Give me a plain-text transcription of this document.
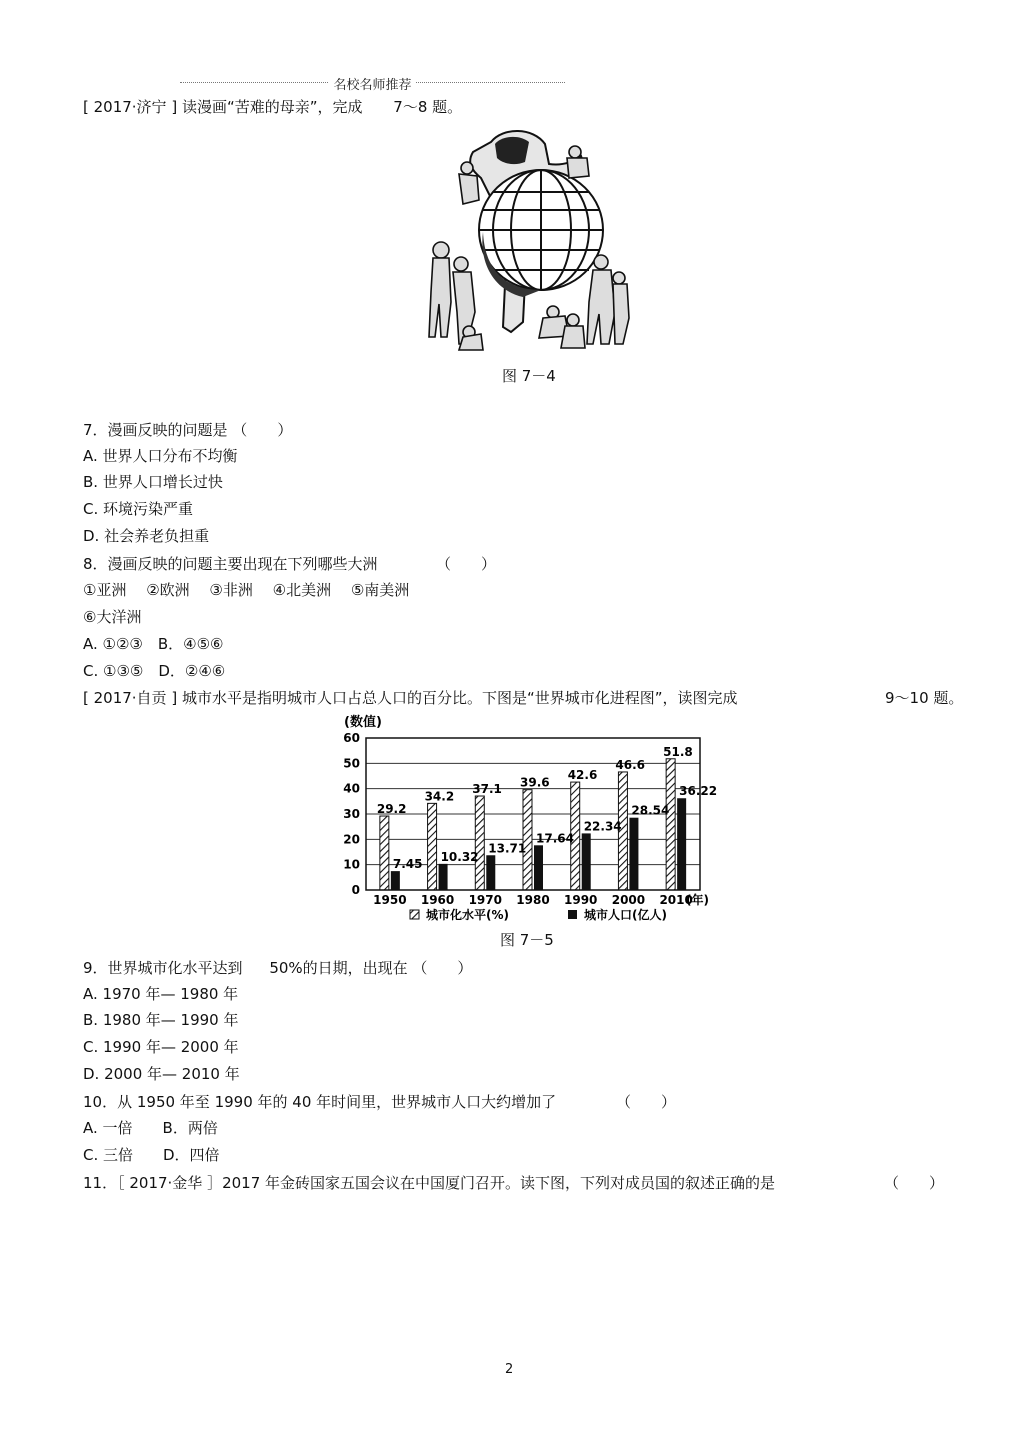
名校名师推荐
[ 2017·济宁 ] 读漫画“苦难的母亲”，完成 7～8 题。
图 7－4
7．漫画反映的问题是 （　　）
A. 世界人口分布不均衡
B. 世界人口增长过快
C. 环境污染严重
D. 社会养老负担重
8．漫画反映的问题主要出现在下列哪些大洲	（　　）
①亚洲　 ②欧洲　 ③非洲　 ④北美洲　 ⑤南美洲
⑥大洋洲
A. ①②③　B．④⑤⑥
C. ①③⑤　D．②④⑥
[ 2017·自贡 ] 城市水平是指明城市人口占总人口的百分比。下图是“世界城市化进程图”，读图完成	9～10 题。
0
10
20
30
40
50
60
29.2
7.45
34.2
10.32
37.1
13.71
39.6
17.64
42.6
22.34
46.6
28.54
51.8
36.22
1950 1960 1970 1980 1990 2000 2010
(数值)
(年)
城市化水平(%)	城市人口(亿人)
图 7－5
9．世界城市化水平达到 50%的日期，出现在 （　　）
A. 1970 年— 1980 年
B. 1980 年— 1990 年
C. 1990 年— 2000 年
D. 2000 年— 2010 年
10．从 1950 年至 1990 年的 40 年时间里，世界城市人口大约增加了	（　　）
A. 一倍　　B．两倍
C. 三倍　　D．四倍
11．［ 2017·金华 ］2017 年金砖国家五国会议在中国厦门召开。读下图，下列对成员国的叙述正确的是	（　　）
2
